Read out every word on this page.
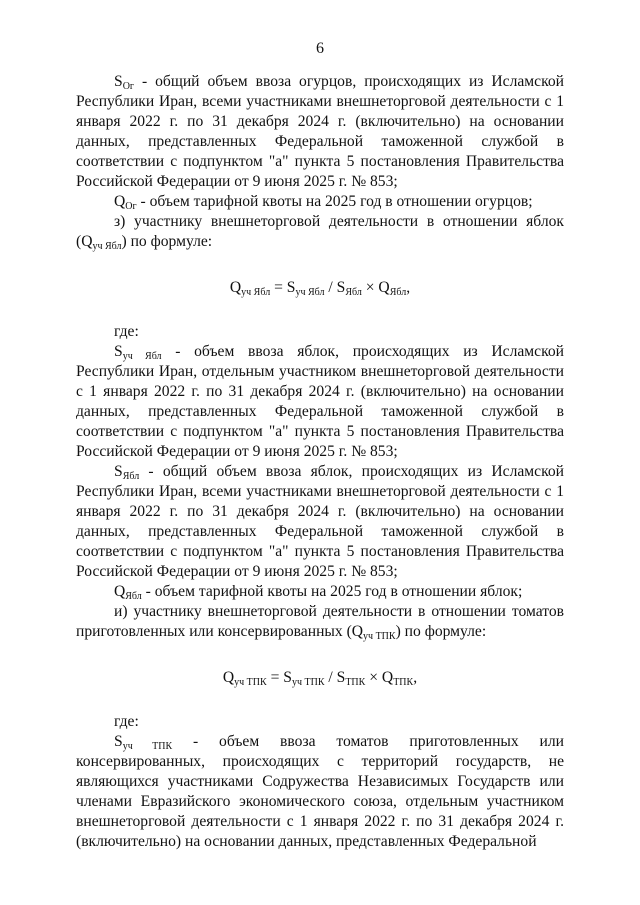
6

$S_{Ог}$ - общий объем ввоза огурцов, происходящих из Исламской Республики Иран, всеми участниками внешнеторговой деятельности с 1 января 2022 г. по 31 декабря 2024 г. (включительно) на основании данных, представленных Федеральной таможенной службой в соответствии с подпунктом "а" пункта 5 постановления Правительства Российской Федерации от 9 июня 2025 г. № 853;

$Q_{Ог}$ - объем тарифной квоты на 2025 год в отношении огурцов;

з) участнику внешнеторговой деятельности в отношении яблок $(Q_{уч Ябл})$ по формуле:

$Q_{уч Ябл} = S_{уч Ябл} / S_{Ябл} \times Q_{Ябл}$,

где:

$S_{уч Ябл}$ - объем ввоза яблок, происходящих из Исламской Республики Иран, отдельным участником внешнеторговой деятельности с 1 января 2022 г. по 31 декабря 2024 г. (включительно) на основании данных, представленных Федеральной таможенной службой в соответствии с подпунктом "а" пункта 5 постановления Правительства Российской Федерации от 9 июня 2025 г. № 853;

$S_{Ябл}$ - общий объем ввоза яблок, происходящих из Исламской Республики Иран, всеми участниками внешнеторговой деятельности с 1 января 2022 г. по 31 декабря 2024 г. (включительно) на основании данных, представленных Федеральной таможенной службой в соответствии с подпунктом "а" пункта 5 постановления Правительства Российской Федерации от 9 июня 2025 г. № 853;

$Q_{Ябл}$ - объем тарифной квоты на 2025 год в отношении яблок;

и) участнику внешнеторговой деятельности в отношении томатов приготовленных или консервированных $(Q_{уч ТПК})$ по формуле:

$Q_{уч ТПК} = S_{уч ТПК} / S_{ТПК} \times Q_{ТПК}$,

где:

$S_{уч ТПК}$ - объем ввоза томатов приготовленных или консервированных, происходящих с территорий государств, не являющихся участниками Содружества Независимых Государств или членами Евразийского экономического союза, отдельным участником внешнеторговой деятельности с 1 января 2022 г. по 31 декабря 2024 г. (включительно) на основании данных, представленных Федеральной
